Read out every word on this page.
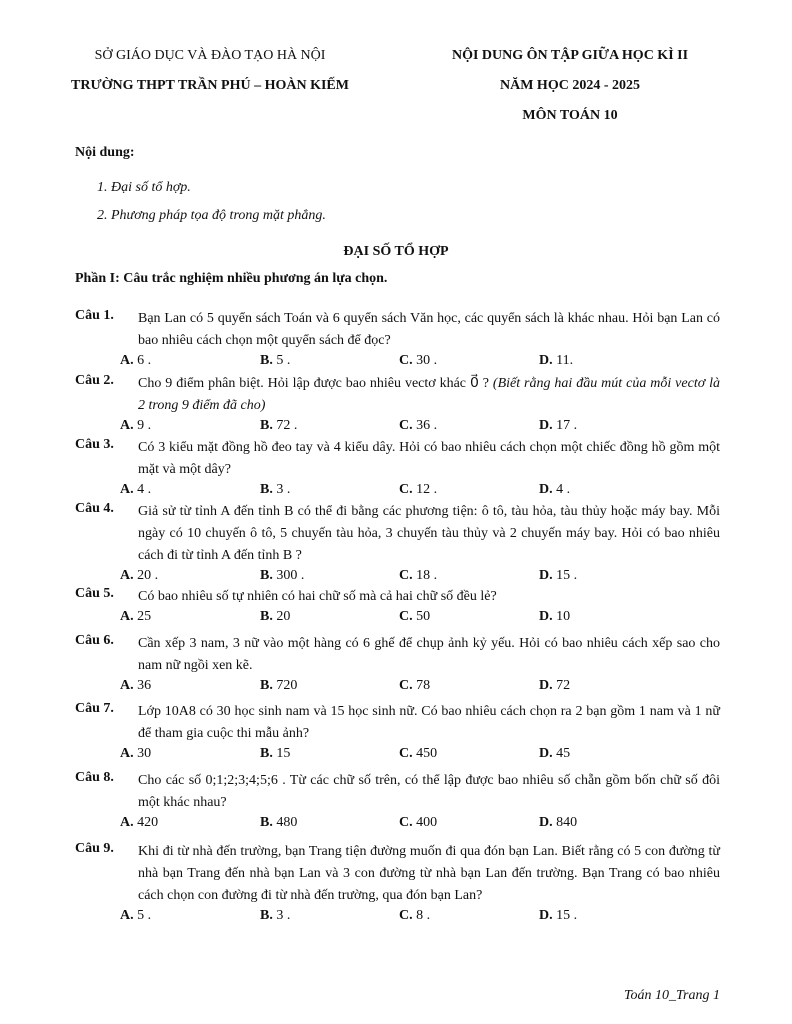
SỞ GIÁO DỤC VÀ ĐÀO TẠO HÀ NỘI
TRƯỜNG THPT TRẦN PHÚ – HOÀN KIẾM
NỘI DUNG ÔN TẬP GIỮA HỌC KÌ II
NĂM HỌC 2024 - 2025
MÔN TOÁN 10
Nội dung:
1. Đại số tổ hợp.
2. Phương pháp tọa độ trong mặt phẳng.
ĐẠI SỐ TỔ HỢP
Phần I: Câu trắc nghiệm nhiều phương án lựa chọn.
Câu 1. Bạn Lan có 5 quyển sách Toán và 6 quyển sách Văn học, các quyển sách là khác nhau. Hỏi bạn Lan có bao nhiêu cách chọn một quyển sách để đọc?
A. 6 .	B. 5 .	C. 30 .	D. 11.
Câu 2. Cho 9 điểm phân biệt. Hỏi lập được bao nhiêu vectơ khác 0⃗ ? (Biết rằng hai đầu mút của mỗi vectơ là 2 trong 9 điểm đã cho)
A. 9 .	B. 72 .	C. 36 .	D. 17 .
Câu 3. Có 3 kiểu mặt đồng hồ đeo tay và 4 kiểu dây. Hỏi có bao nhiêu cách chọn một chiếc đồng hồ gồm một mặt và một dây?
A. 4 .	B. 3 .	C. 12 .	D. 4 .
Câu 4. Giả sử từ tỉnh A đến tỉnh B có thể đi bằng các phương tiện: ô tô, tàu hỏa, tàu thủy hoặc máy bay. Mỗi ngày có 10 chuyến ô tô, 5 chuyến tàu hỏa, 3 chuyến tàu thủy và 2 chuyến máy bay. Hỏi có bao nhiêu cách đi từ tỉnh A đến tỉnh B ?
A. 20 .	B. 300 .	C. 18 .	D. 15 .
Câu 5. Có bao nhiêu số tự nhiên có hai chữ số mà cả hai chữ số đều lẻ?
A. 25	B. 20	C. 50	D. 10
Câu 6. Cần xếp 3 nam, 3 nữ vào một hàng có 6 ghế để chụp ảnh kỷ yếu. Hỏi có bao nhiêu cách xếp sao cho nam nữ ngồi xen kẽ.
A. 36	B. 720	C. 78	D. 72
Câu 7. Lớp 10A8 có 30 học sinh nam và 15 học sinh nữ. Có bao nhiêu cách chọn ra 2 bạn gồm 1 nam và 1 nữ để tham gia cuộc thi mẫu ảnh?
A. 30	B. 15	C. 450	D. 45
Câu 8. Cho các số 0;1;2;3;4;5;6 . Từ các chữ số trên, có thể lập được bao nhiêu số chẵn gồm bốn chữ số đôi một khác nhau?
A. 420	B. 480	C. 400	D. 840
Câu 9. Khi đi từ nhà đến trường, bạn Trang tiện đường muốn đi qua đón bạn Lan. Biết rằng có 5 con đường từ nhà bạn Trang đến nhà bạn Lan và 3 con đường từ nhà bạn Lan đến trường. Bạn Trang có bao nhiêu cách chọn con đường đi từ nhà đến trường, qua đón bạn Lan?
A. 5 .	B. 3 .	C. 8 .	D. 15 .
Toán 10_Trang 1
